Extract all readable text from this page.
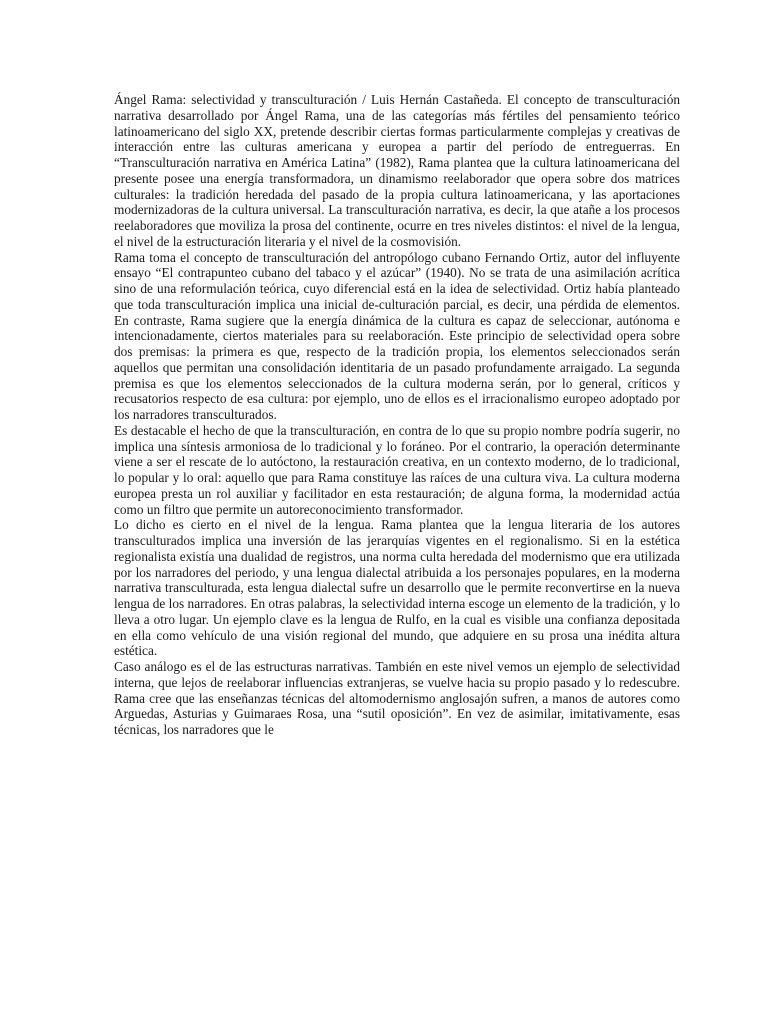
Ángel Rama: selectividad y transculturación / Luis Hernán Castañeda. El concepto de transculturación narrativa desarrollado por Ángel Rama, una de las categorías más fértiles del pensamiento teórico latinoamericano del siglo XX, pretende describir ciertas formas particularmente complejas y creativas de interacción entre las culturas americana y europea a partir del período de entreguerras. En “Transculturación narrativa en América Latina” (1982), Rama plantea que la cultura latinoamericana del presente posee una energía transformadora, un dinamismo reelaborador que opera sobre dos matrices culturales: la tradición heredada del pasado de la propia cultura latinoamericana, y las aportaciones modernizadoras de la cultura universal. La transculturación narrativa, es decir, la que atañe a los procesos reelaboradores que moviliza la prosa del continente, ocurre en tres niveles distintos: el nivel de la lengua, el nivel de la estructuración literaria y el nivel de la cosmovisión.

Rama toma el concepto de transculturación del antropólogo cubano Fernando Ortiz, autor del influyente ensayo “El contrapunteo cubano del tabaco y el azúcar” (1940). No se trata de una asimilación acrítica sino de una reformulación teórica, cuyo diferencial está en la idea de selectividad. Ortiz había planteado que toda transculturación implica una inicial de-culturación parcial, es decir, una pérdida de elementos. En contraste, Rama sugiere que la energía dinámica de la cultura es capaz de seleccionar, autónoma e intencionadamente, ciertos materiales para su reelaboración. Este principio de selectividad opera sobre dos premisas: la primera es que, respecto de la tradición propia, los elementos seleccionados serán aquellos que permitan una consolidación identitaria de un pasado profundamente arraigado. La segunda premisa es que los elementos seleccionados de la cultura moderna serán, por lo general, críticos y recusatorios respecto de esa cultura: por ejemplo, uno de ellos es el irracionalismo europeo adoptado por los narradores transculturados.

Es destacable el hecho de que la transculturación, en contra de lo que su propio nombre podría sugerir, no implica una síntesis armoniosa de lo tradicional y lo foráneo. Por el contrario, la operación determinante viene a ser el rescate de lo autóctono, la restauración creativa, en un contexto moderno, de lo tradicional, lo popular y lo oral: aquello que para Rama constituye las raíces de una cultura viva. La cultura moderna europea presta un rol auxiliar y facilitador en esta restauración; de alguna forma, la modernidad actúa como un filtro que permite un autoreconocimiento transformador.

Lo dicho es cierto en el nivel de la lengua. Rama plantea que la lengua literaria de los autores transculturados implica una inversión de las jerarquías vigentes en el regionalismo. Si en la estética regionalista existía una dualidad de registros, una norma culta heredada del modernismo que era utilizada por los narradores del periodo, y una lengua dialectal atribuida a los personajes populares, en la moderna narrativa transculturada, esta lengua dialectal sufre un desarrollo que le permite reconvertirse en la nueva lengua de los narradores. En otras palabras, la selectividad interna escoge un elemento de la tradición, y lo lleva a otro lugar. Un ejemplo clave es la lengua de Rulfo, en la cual es visible una confianza depositada en ella como vehículo de una visión regional del mundo, que adquiere en su prosa una inédita altura estética.

Caso análogo es el de las estructuras narrativas. También en este nivel vemos un ejemplo de selectividad interna, que lejos de reelaborar influencias extranjeras, se vuelve hacia su propio pasado y lo redescubre. Rama cree que las enseñanzas técnicas del altomodernismo anglosajón sufren, a manos de autores como Arguedas, Asturias y Guimaraes Rosa, una “sutil oposición”. En vez de asimilar, imitativamente, esas técnicas, los narradores que le
